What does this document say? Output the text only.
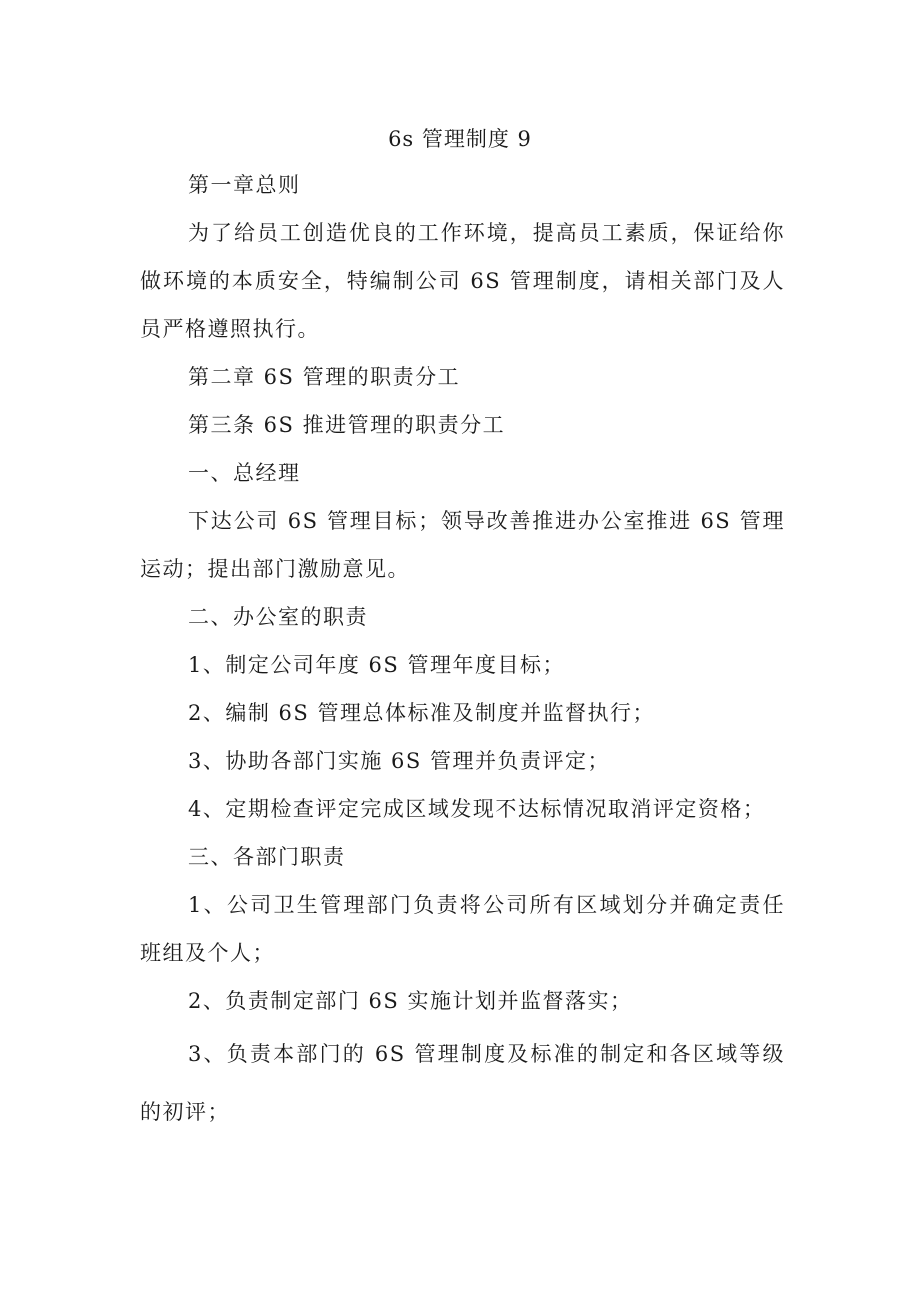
6s 管理制度 9

第一章总则

为了给员工创造优良的工作环境，提高员工素质，保证给你做环境的本质安全，特编制公司 6S 管理制度，请相关部门及人员严格遵照执行。

第二章 6S 管理的职责分工

第三条 6S 推进管理的职责分工

一、总经理

下达公司 6S 管理目标；领导改善推进办公室推进 6S 管理运动；提出部门激励意见。

二、办公室的职责

1、制定公司年度 6S 管理年度目标；

2、编制 6S 管理总体标准及制度并监督执行；

3、协助各部门实施 6S 管理并负责评定；

4、定期检查评定完成区域发现不达标情况取消评定资格；

三、各部门职责

1、公司卫生管理部门负责将公司所有区域划分并确定责任班组及个人；

2、负责制定部门 6S 实施计划并监督落实；

3、负责本部门的 6S 管理制度及标准的制定和各区域等级的初评；
